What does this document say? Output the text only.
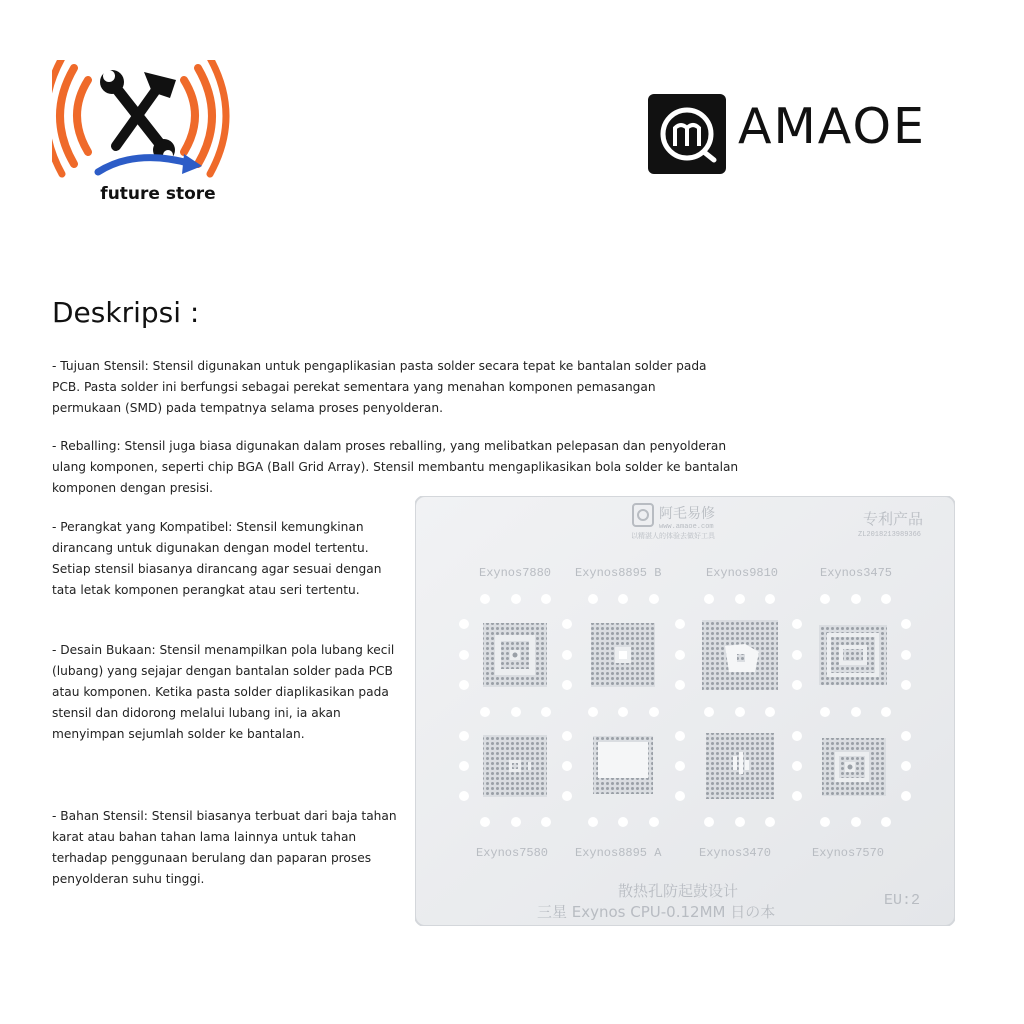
future store
AMAOE
Deskripsi :

- Tujuan Stensil: Stensil digunakan untuk pengaplikasian pasta solder secara tepat ke bantalan solder pada PCB. Pasta solder ini berfungsi sebagai perekat sementara yang menahan komponen pemasangan permukaan (SMD) pada tempatnya selama proses penyolderan.

- Reballing: Stensil juga biasa digunakan dalam proses reballing, yang melibatkan pelepasan dan penyolderan ulang komponen, seperti chip BGA (Ball Grid Array). Stensil membantu mengaplikasikan bola solder ke bantalan komponen dengan presisi.

- Perangkat yang Kompatibel: Stensil kemungkinan dirancang untuk digunakan dengan model tertentu. Setiap stensil biasanya dirancang agar sesuai dengan tata letak komponen perangkat atau seri tertentu.

- Desain Bukaan: Stensil menampilkan pola lubang kecil (lubang) yang sejajar dengan bantalan solder pada PCB atau komponen. Ketika pasta solder diaplikasikan pada stensil dan didorong melalui lubang ini, ia akan menyimpan sejumlah solder ke bantalan.

- Bahan Stensil: Stensil biasanya terbuat dari baja tahan karat atau bahan tahan lama lainnya untuk tahan terhadap penggunaan berulang dan paparan proses penyolderan suhu tinggi.

阿毛易修
www.amaoe.com
以精湛人的体验去做好工具
专利产品
ZL2018213989366
Exynos7880 Exynos8895 B	Exynos9810	Exynos3475
Exynos7580 Exynos8895 A	Exynos3470	Exynos7570
散热孔防起鼓设计
三星 Exynos CPU-0.12MM 日の本
EU:2
